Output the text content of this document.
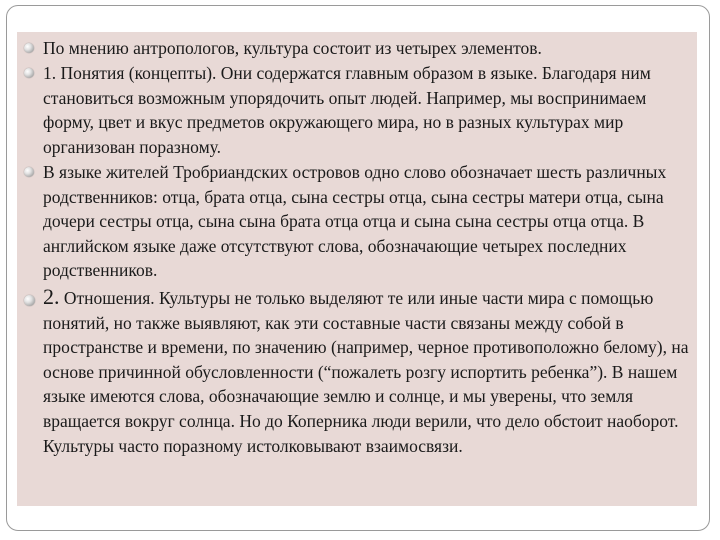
По мнению антропологов, культура состоит из четырех элементов.
1. Понятия (концепты). Они содержатся главным образом в языке. Благодаря ним становиться возможным упорядочить опыт людей. Например, мы воспринимаем форму, цвет и вкус предметов окружающего мира, но в разных культурах мир организован поразному.
В языке жителей Тробриандских островов одно слово обозначает шесть различных родственников: отца, брата отца, сына сестры отца, сына сестры матери отца, сына дочери сестры отца, сына сына брата отца отца и сына сына сестры отца отца. В английском языке даже отсутствуют слова, обозначающие четырех последних родственников.
2. Отношения. Культуры не только выделяют те или иные части мира с помощью понятий, но также выявляют, как эти составные части связаны между собой в пространстве и времени, по значению (например, черное противоположно белому), на основе причинной обусловленности (“пожалеть розгу испортить ребенка”). В нашем языке имеются слова, обозначающие землю и солнце, и мы уверены, что земля вращается вокруг солнца. Но до Коперника люди верили, что дело обстоит наоборот. Культуры часто поразному истолковывают взаимосвязи.
